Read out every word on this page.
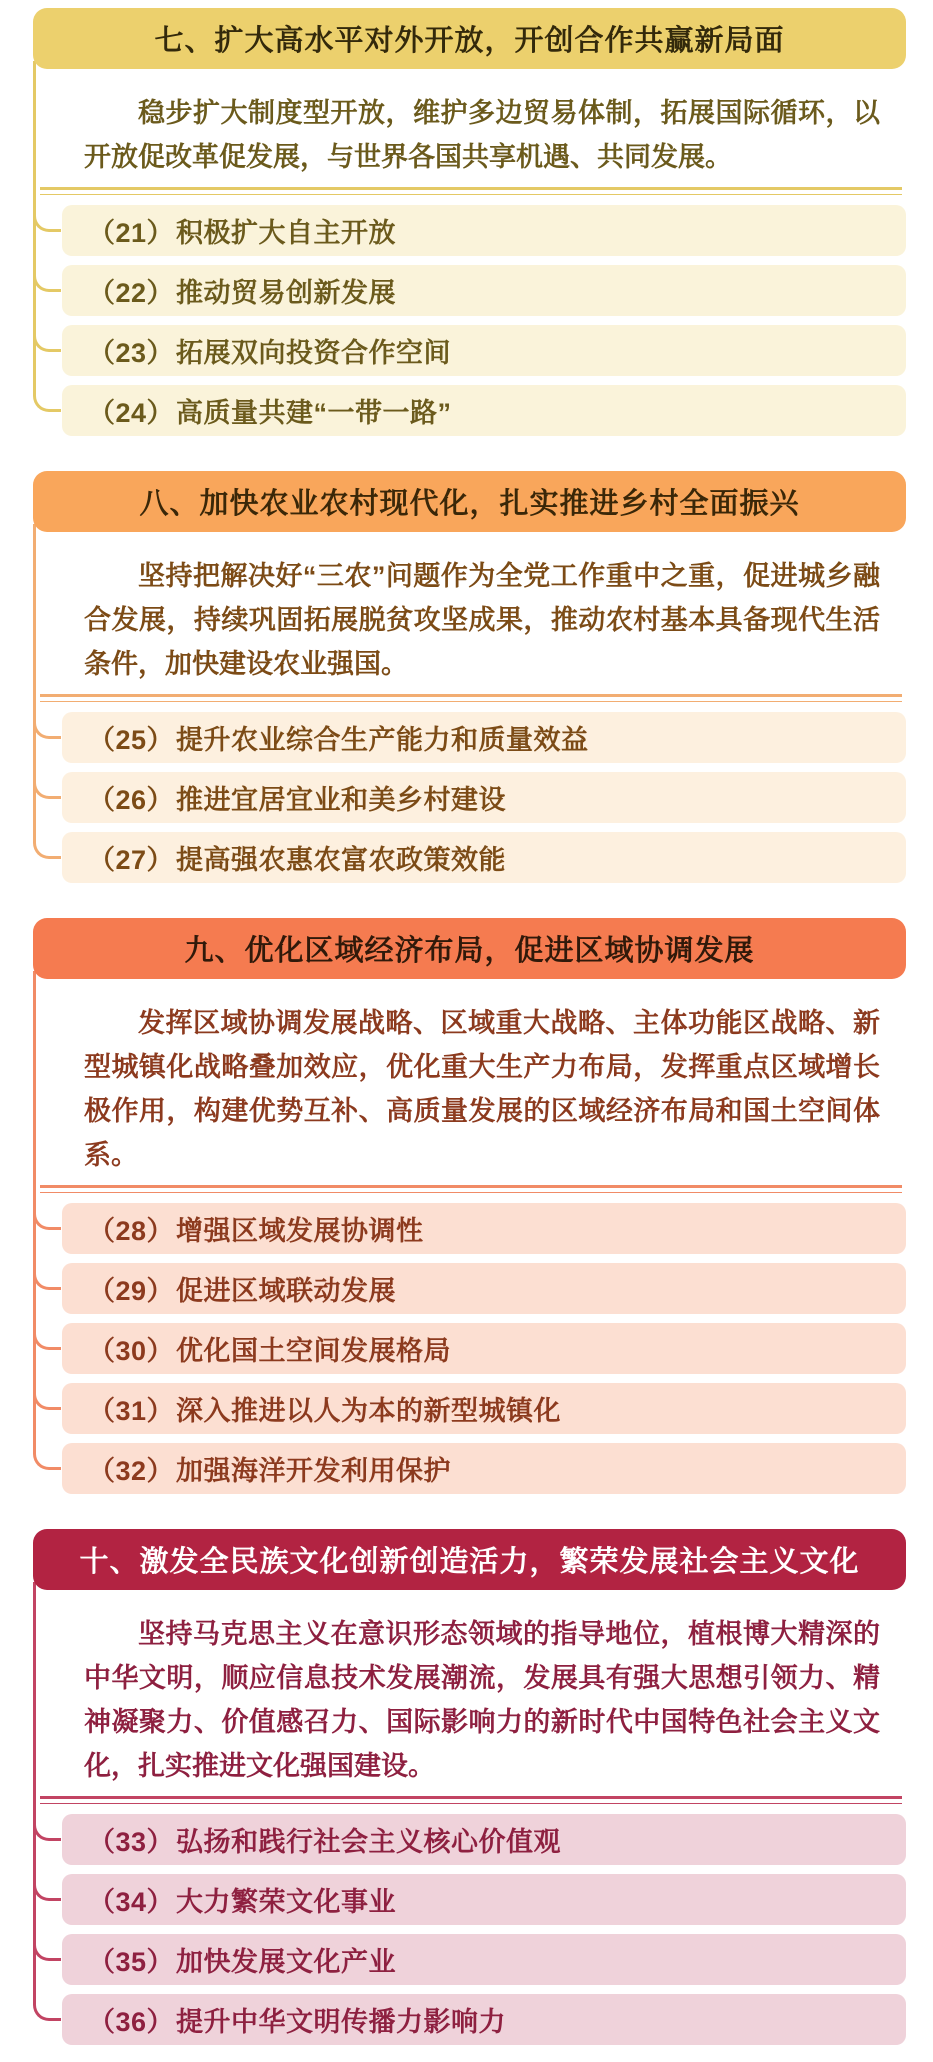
七、扩大高水平对外开放，开创合作共赢新局面

稳步扩大制度型开放，维护多边贸易体制，拓展国际循环，以开放促改革促发展，与世界各国共享机遇、共同发展。

（21） 积极扩大自主开放
（22） 推动贸易创新发展
（23） 拓展双向投资合作空间
（24） 高质量共建“一带一路”
八、加快农业农村现代化，扎实推进乡村全面振兴

坚持把解决好“三农”问题作为全党工作重中之重，促进城乡融合发展，持续巩固拓展脱贫攻坚成果，推动农村基本具备现代生活条件，加快建设农业强国。

（25） 提升农业综合生产能力和质量效益
（26） 推进宜居宜业和美乡村建设
（27） 提高强农惠农富农政策效能
九、优化区域经济布局，促进区域协调发展

发挥区域协调发展战略、区域重大战略、主体功能区战略、新型城镇化战略叠加效应，优化重大生产力布局，发挥重点区域增长极作用，构建优势互补、高质量发展的区域经济布局和国土空间体系。

（28） 增强区域发展协调性
（29） 促进区域联动发展
（30） 优化国土空间发展格局
（31） 深入推进以人为本的新型城镇化
（32） 加强海洋开发利用保护
十、激发全民族文化创新创造活力，繁荣发展社会主义文化

坚持马克思主义在意识形态领域的指导地位，植根博大精深的中华文明，顺应信息技术发展潮流，发展具有强大思想引领力、精神凝聚力、价值感召力、国际影响力的新时代中国特色社会主义文化，扎实推进文化强国建设。

（33） 弘扬和践行社会主义核心价值观
（34） 大力繁荣文化事业
（35） 加快发展文化产业
（36） 提升中华文明传播力影响力
